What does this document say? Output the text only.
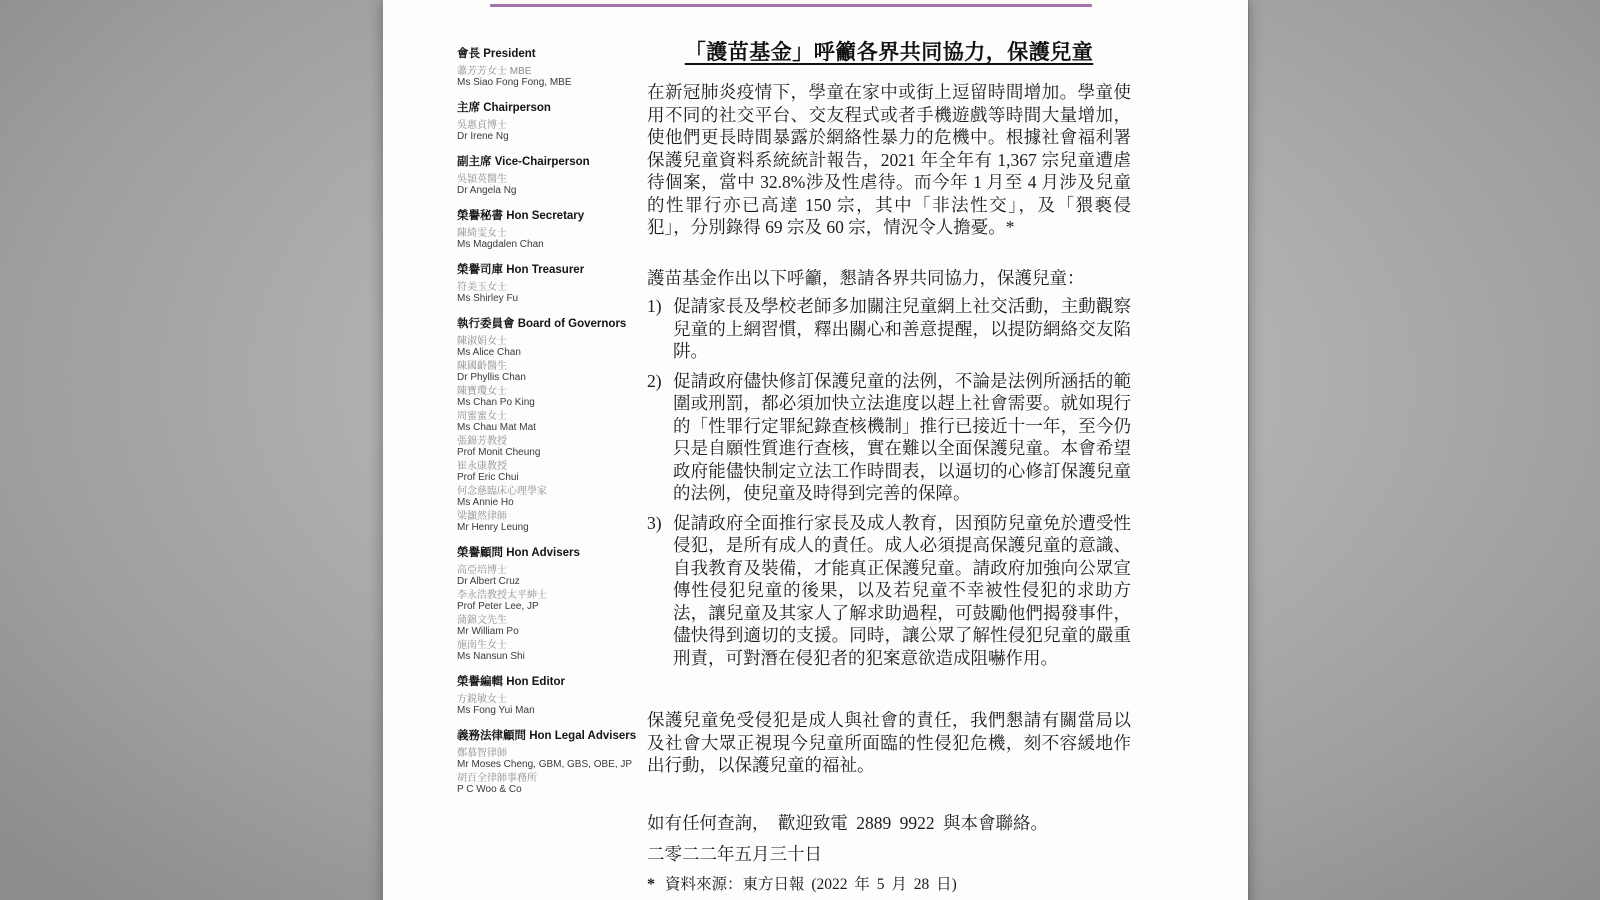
會長 President
蕭芳芳女士 MBE
Ms Siao Fong Fong, MBE
主席 Chairperson
吳惠貞博士
Dr Irene Ng
副主席 Vice-Chairperson
吳頴英醫生
Dr Angela Ng
榮譽秘書 Hon Secretary
陳綺雯女士
Ms Magdalen Chan
榮譽司庫 Hon Treasurer
符美玉女士
Ms Shirley Fu
執行委員會 Board of Governors
陳淑娟女士
Ms Alice Chan
陳國齡醫生
Dr Phyllis Chan
陳寶瓊女士
Ms Chan Po King
周蜜蜜女士
Ms Chau Mat Mat
張錦芳教授
Prof Monit Cheung
崔永康教授
Prof Eric Chui
何念慈臨床心理學家
Ms Annie Ho
梁灝然律師
Mr Henry Leung
榮譽顧問 Hon Advisers
高亞培博士
Dr Albert Cruz
李永浩教授太平紳士
Prof Peter Lee, JP
蒲錦文先生
Mr William Po
施南生女士
Ms Nansun Shi
榮譽編輯 Hon Editor
方鋭敏女士
Ms Fong Yui Man
義務法律顧問 Hon Legal Advisers
鄭慕智律師
Mr Moses Cheng, GBM, GBS, OBE, JP
胡百全律師事務所
P C Woo & Co
「護苗基金」呼籲各界共同協力，保護兒童

在新冠肺炎疫情下，學童在家中或街上逗留時間增加。學童使用不同的社交平台、交友程式或者手機遊戲等時間大量增加，使他們更長時間暴露於網絡性暴力的危機中。根據社會福利署保護兒童資料系統統計報告，2021 年全年有 1,367 宗兒童遭虐待個案，當中 32.8%涉及性虐待。而今年 1 月至 4 月涉及兒童的性罪行亦已高達 150 宗，其中「非法性交」，及「猥褻侵犯」，分別錄得 69 宗及 60 宗，情況令人擔憂。*

護苗基金作出以下呼籲，懇請各界共同協力，保護兒童：

1) 促請家長及學校老師多加關注兒童網上社交活動，主動觀察兒童的上網習慣，釋出關心和善意提醒，以提防網絡交友陷阱。
2) 促請政府儘快修訂保護兒童的法例，不論是法例所涵括的範圍或刑罰，都必須加快立法進度以趕上社會需要。就如現行的「性罪行定罪紀錄查核機制」推行已接近十一年，至今仍只是自願性質進行查核，實在難以全面保護兒童。本會希望政府能儘快制定立法工作時間表，以逼切的心修訂保護兒童的法例，使兒童及時得到完善的保障。
3) 促請政府全面推行家長及成人教育，因預防兒童免於遭受性侵犯，是所有成人的責任。成人必須提高保護兒童的意識、自我教育及裝備，才能真正保護兒童。請政府加強向公眾宣傳性侵犯兒童的後果，以及若兒童不幸被性侵犯的求助方法，讓兒童及其家人了解求助過程，可鼓勵他們揭發事件，儘快得到適切的支援。同時，讓公眾了解性侵犯兒童的嚴重刑責，可對潛在侵犯者的犯案意欲造成阻嚇作用。

保護兒童免受侵犯是成人與社會的責任，我們懇請有關當局以及社會大眾正視現今兒童所面臨的性侵犯危機，刻不容緩地作出行動，以保護兒童的福祉。

如有任何查詢， 歡迎致電 2889 9922 與本會聯絡。

二零二二年五月三十日

* 資料來源：東方日報 (2022 年 5 月 28 日)
